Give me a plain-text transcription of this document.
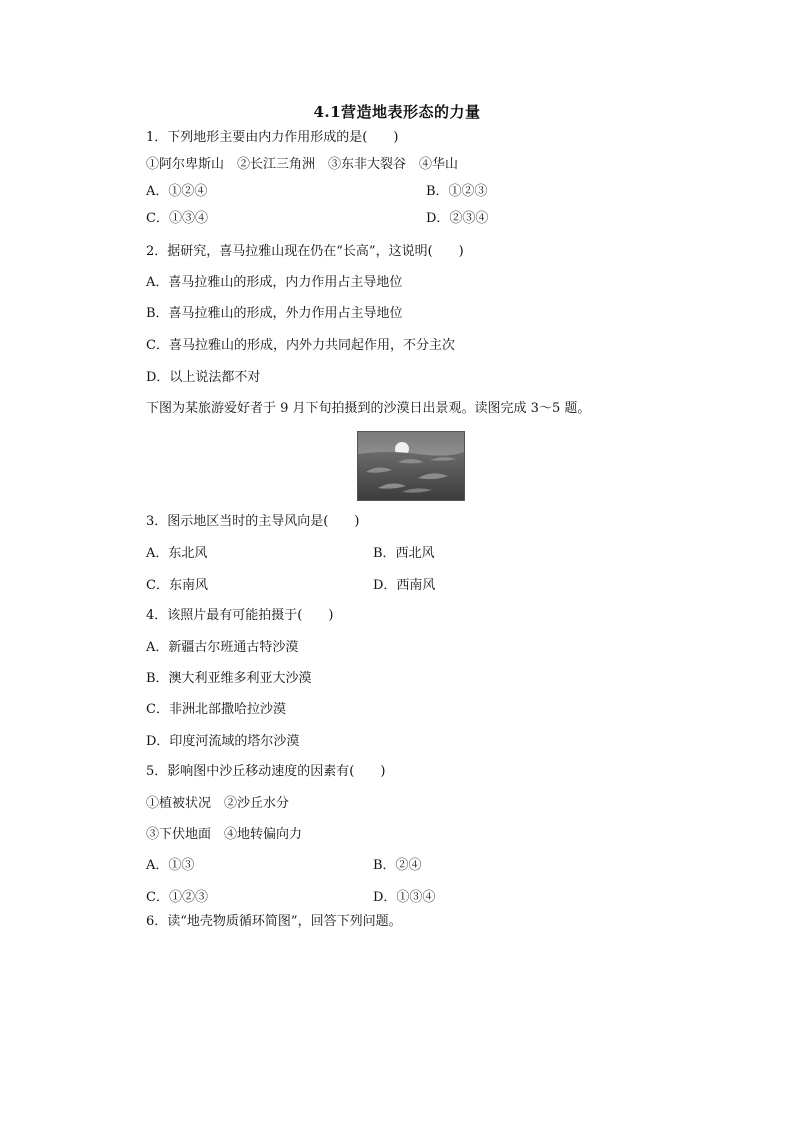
4.1营造地表形态的力量
1．下列地形主要由内力作用形成的是(　　)
①阿尔卑斯山　②长江三角洲　③东非大裂谷　④华山
A．①②④	B．①②③
C．①③④	D．②③④
2．据研究，喜马拉雅山现在仍在“长高”，这说明(　　)
A．喜马拉雅山的形成，内力作用占主导地位
B．喜马拉雅山的形成，外力作用占主导地位
C．喜马拉雅山的形成，内外力共同起作用，不分主次
D．以上说法都不对
下图为某旅游爱好者于 9 月下旬拍摄到的沙漠日出景观。读图完成 3～5 题。
3．图示地区当时的主导风向是(　　)
A．东北风	B．西北风
C．东南风	D．西南风
4．该照片最有可能拍摄于(　　)
A．新疆古尔班通古特沙漠
B．澳大利亚维多利亚大沙漠
C．非洲北部撒哈拉沙漠
D．印度河流域的塔尔沙漠
5．影响图中沙丘移动速度的因素有(　　)
①植被状况　②沙丘水分
③下伏地面　④地转偏向力
A．①③	B．②④
C．①②③	D．①③④
6．读“地壳物质循环简图”，回答下列问题。
